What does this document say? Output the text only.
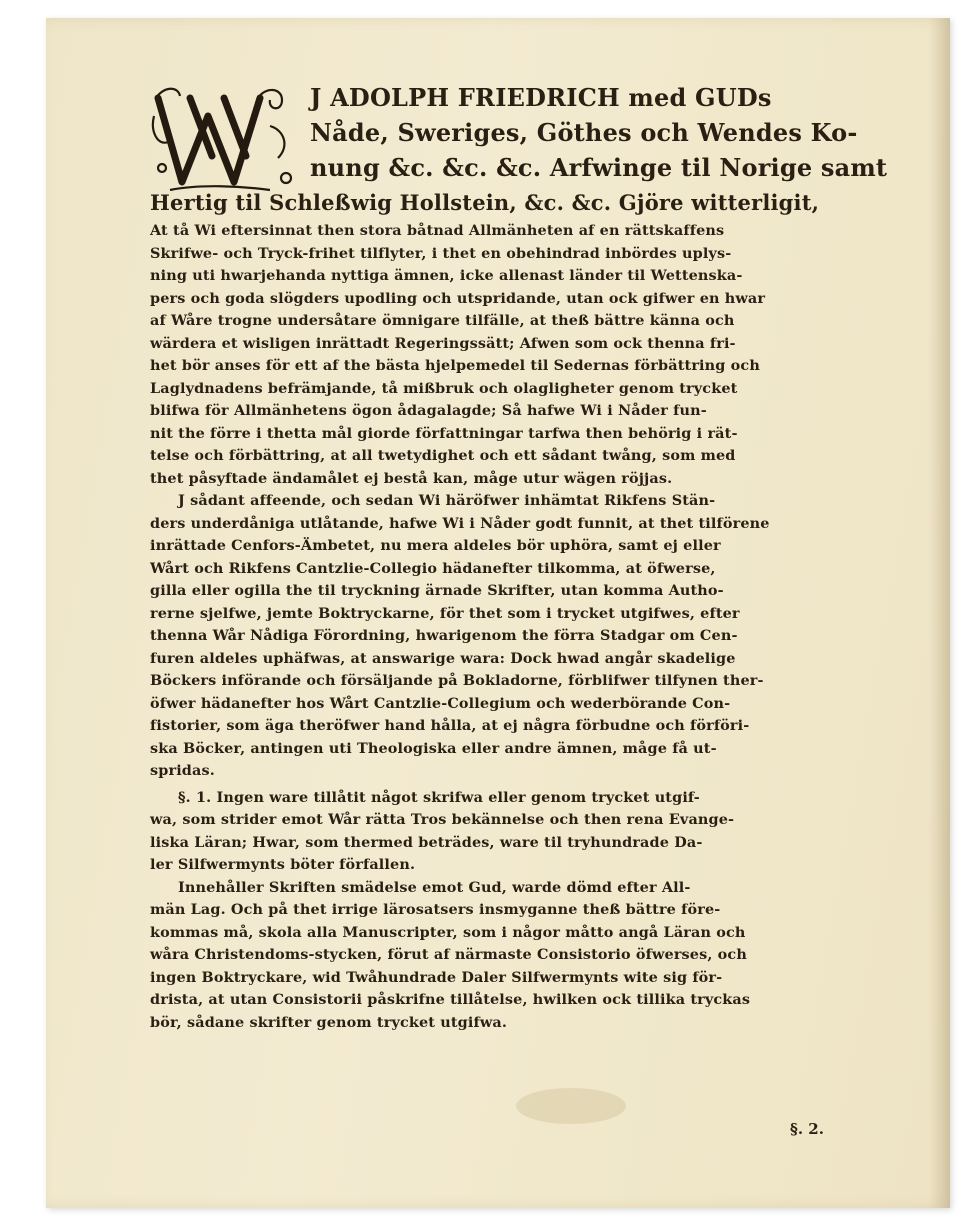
J ADOLPH FRIEDRICH med GUDs
Nåde, Sweriges, Göthes och Wendes Ko-
nung &c. &c. &c. Arfwinge til Norige samt
Hertig til Schleßwig Hollstein, &c. &c. Gjöre witterligit,
At tå Wi eftersinnat then stora båtnad Allmänheten af en rättskaffens
Skrifwe- och Tryck-frihet tilflyter, i thet en obehindrad inbördes uplys-
ning uti hwarjehanda nyttiga ämnen, icke allenast länder til Wettenska-
pers och goda slögders upodling och utspridande, utan ock gifwer en hwar
af Wåre trogne undersåtare ömnigare tilfälle, at theß bättre känna och
wärdera et wisligen inrättadt Regeringssätt; Afwen som ock thenna fri-
het bör anses för ett af the bästa hjelpemedel til Sedernas förbättring och
Laglydnadens befrämjande, tå mißbruk och olagligheter genom trycket
blifwa för Allmänhetens ögon ådagalagde; Så hafwe Wi i Nåder fun-
nit the förre i thetta mål giorde författningar tarfwa then behörig i rät-
telse och förbättring, at all twetydighet och ett sådant twång, som med
thet påsyftade ändamålet ej bestå kan, måge utur wägen röjjas.
J sådant affeende, och sedan Wi häröfwer inhämtat Rikfens Stän-
ders underdåniga utlåtande, hafwe Wi i Nåder godt funnit, at thet tilförene
inrättade Cenfors-Ämbetet, nu mera aldeles bör uphöra, samt ej eller
Wårt och Rikfens Cantzlie-Collegio hädanefter tilkomma, at öfwerse,
gilla eller ogilla the til tryckning ärnade Skrifter, utan komma Autho-
rerne sjelfwe, jemte Boktryckarne, för thet som i trycket utgifwes, efter
thenna Wår Nådiga Förordning, hwarigenom the förra Stadgar om Cen-
furen aldeles uphäfwas, at answarige wara: Dock hwad angår skadelige
Böckers införande och försäljande på Bokladorne, förblifwer tilfynen ther-
öfwer hädanefter hos Wårt Cantzlie-Collegium och wederbörande Con-
fistorier, som äga theröfwer hand hålla, at ej några förbudne och förföri-
ska Böcker, antingen uti Theologiska eller andre ämnen, måge få ut-
spridas.
§. 1. Ingen ware tillåtit något skrifwa eller genom trycket utgif-
wa, som strider emot Wår rätta Tros bekännelse och then rena Evange-
liska Läran; Hwar, som thermed beträdes, ware til tryhundrade Da-
ler Silfwermynts böter förfallen.
Innehåller Skriften smädelse emot Gud, warde dömd efter All-
män Lag. Och på thet irrige lärosatsers insmyganne theß bättre före-
kommas må, skola alla Manuscripter, som i någor måtto angå Läran och
wåra Christendoms-stycken, förut af närmaste Consistorio öfwerses, och
ingen Boktryckare, wid Twåhundrade Daler Silfwermynts wite sig för-
drista, at utan Consistorii påskrifne tillåtelse, hwilken ock tillika tryckas
bör, sådane skrifter genom trycket utgifwa.
§. 2.
